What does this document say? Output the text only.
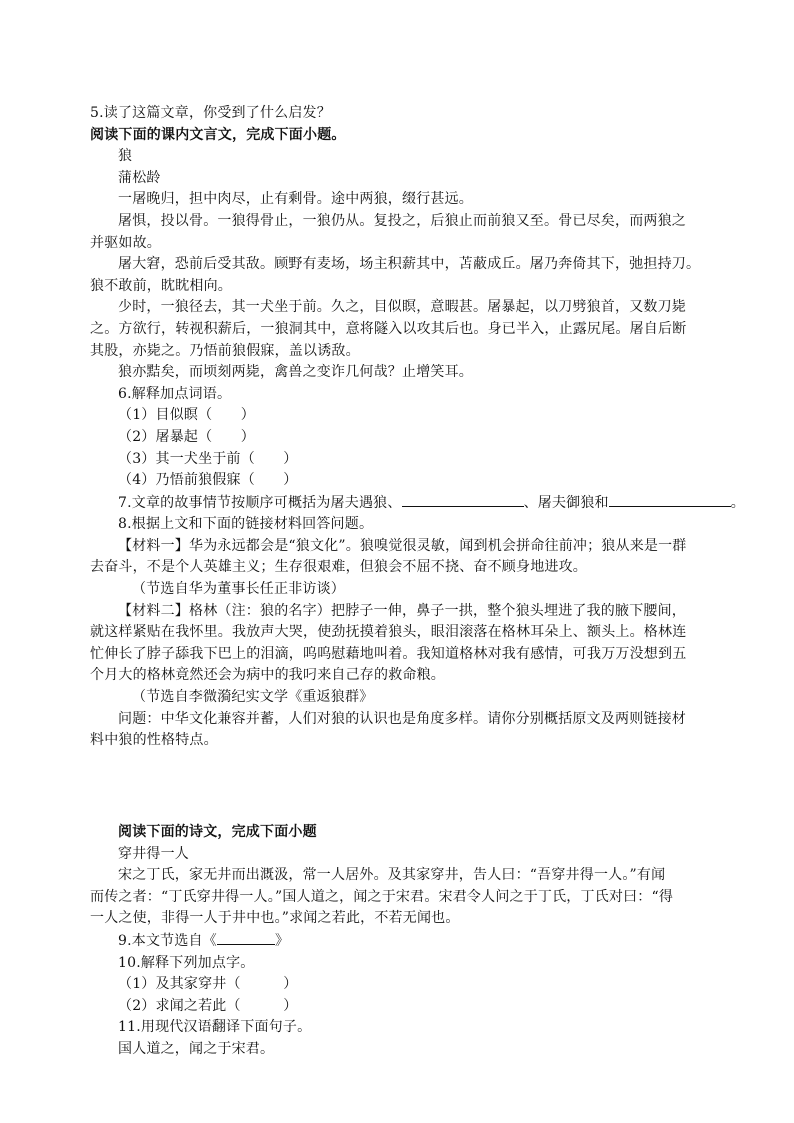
5.读了这篇文章，你受到了什么启发？
阅读下面的课内文言文，完成下面小题。
狼
蒲松龄
一屠晚归，担中肉尽，止有剩骨。途中两狼，缀行甚远。
屠惧，投以骨。一狼得骨止，一狼仍从。复投之，后狼止而前狼又至。骨已尽矣，而两狼之
并驱如故。
屠大窘，恐前后受其敌。顾野有麦场，场主积薪其中，苫蔽成丘。屠乃奔倚其下，弛担持刀。
狼不敢前，眈眈相向。
少时，一狼径去，其一犬坐于前。久之，目似瞑，意暇甚。屠暴起，以刀劈狼首，又数刀毙
之。方欲行，转视积薪后，一狼洞其中，意将隧入以攻其后也。身已半入，止露尻尾。屠自后断
其股，亦毙之。乃悟前狼假寐，盖以诱敌。
狼亦黠矣，而顷刻两毙，禽兽之变诈几何哉？止增笑耳。
6.解释加点词语。
（1）目似瞑（　　）
（2）屠暴起（　　）
（3）其一犬坐于前（　　）
（4）乃悟前狼假寐（　　）
7.文章的故事情节按顺序可概括为屠夫遇狼、	、屠夫御狼和	。
8.根据上文和下面的链接材料回答问题。
【材料一】华为永远都会是“狼文化”。狼嗅觉很灵敏，闻到机会拼命往前冲；狼从来是一群
去奋斗，不是个人英雄主义；生存很艰难，但狼会不屈不挠、奋不顾身地进攻。
（节选自华为董事长任正非访谈）
【材料二】格林（注：狼的名字）把脖子一伸，鼻子一拱，整个狼头埋进了我的腋下腰间，
就这样紧贴在我怀里。我放声大哭，使劲抚摸着狼头，眼泪滚落在格林耳朵上、额头上。格林连
忙伸长了脖子舔我下巴上的泪滴，呜呜慰藉地叫着。我知道格林对我有感情，可我万万没想到五
个月大的格林竟然还会为病中的我叼来自己存的救命粮。
（节选自李微漪纪实文学《重返狼群》
问题：中华文化兼容并蓄，人们对狼的认识也是角度多样。请你分别概括原文及两则链接材
料中狼的性格特点。
阅读下面的诗文，完成下面小题
穿井得一人
宋之丁氏，家无井而出溉汲，常一人居外。及其家穿井，告人曰：“吾穿井得一人。”有闻
而传之者：“丁氏穿井得一人。”国人道之，闻之于宋君。宋君令人问之于丁氏，丁氏对曰：“得
一人之使，非得一人于井中也。”求闻之若此，不若无闻也。
9.本文节选自《	》
10.解释下列加点字。
（1）及其家穿井（　　　）
（2）求闻之若此（　　　）
11.用现代汉语翻译下面句子。
国人道之，闻之于宋君。
